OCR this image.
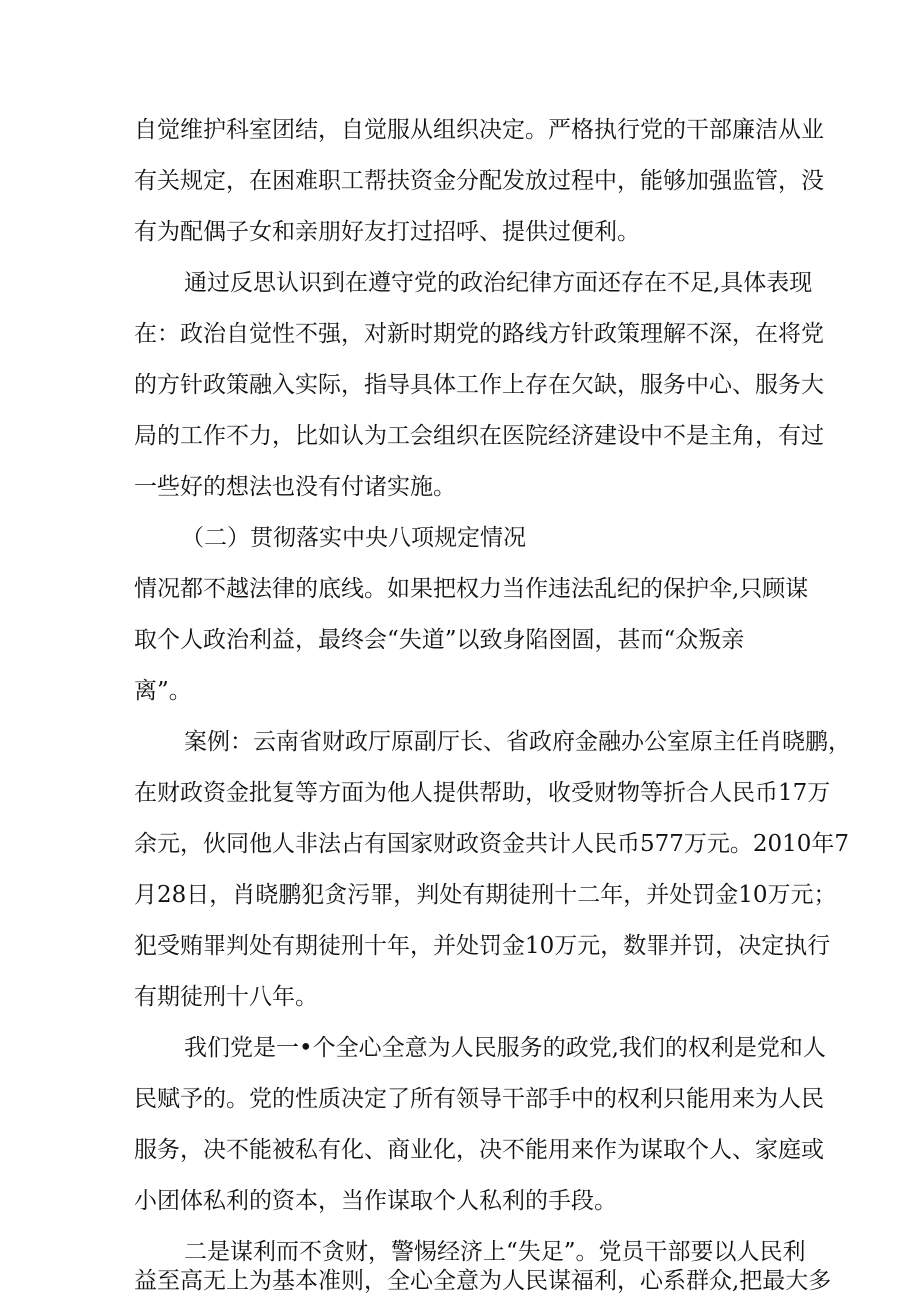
自觉维护科室团结，自觉服从组织决定。严格执行党的干部廉洁从业
有关规定，在困难职工帮扶资金分配发放过程中，能够加强监管，没
有为配偶子女和亲朋好友打过招呼、提供过便利。
通过反思认识到在遵守党的政治纪律方面还存在不足,具体表现
在：政治自觉性不强，对新时期党的路线方针政策理解不深，在将党
的方针政策融入实际，指导具体工作上存在欠缺，服务中心、服务大
局的工作不力，比如认为工会组织在医院经济建设中不是主角，有过
一些好的想法也没有付诸实施。
（二）贯彻落实中央八项规定情况
情况都不越法律的底线。如果把权力当作违法乱纪的保护伞,只顾谋
取个人政治利益，最终会“失道”以致身陷囹圄，甚而“众叛亲
离”。
案例：云南省财政厅原副厅长、省政府金融办公室原主任肖晓鹏，
在财政资金批复等方面为他人提供帮助，收受财物等折合人民币17万
余元，伙同他人非法占有国家财政资金共计人民币577万元。2010年7
月28日，肖晓鹏犯贪污罪，判处有期徒刑十二年，并处罚金10万元；
犯受贿罪判处有期徒刑十年，并处罚金10万元，数罪并罚，决定执行
有期徒刑十八年。
我们党是一•个全心全意为人民服务的政党,我们的权利是党和人
民赋予的。党的性质决定了所有领导干部手中的权利只能用来为人民
服务，决不能被私有化、商业化，决不能用来作为谋取个人、家庭或
小团体私利的资本，当作谋取个人私利的手段。
二是谋利而不贪财，警惕经济上“失足”。党员干部要以人民利
益至高无上为基本准则，全心全意为人民谋福利，心系群众,把最大多
